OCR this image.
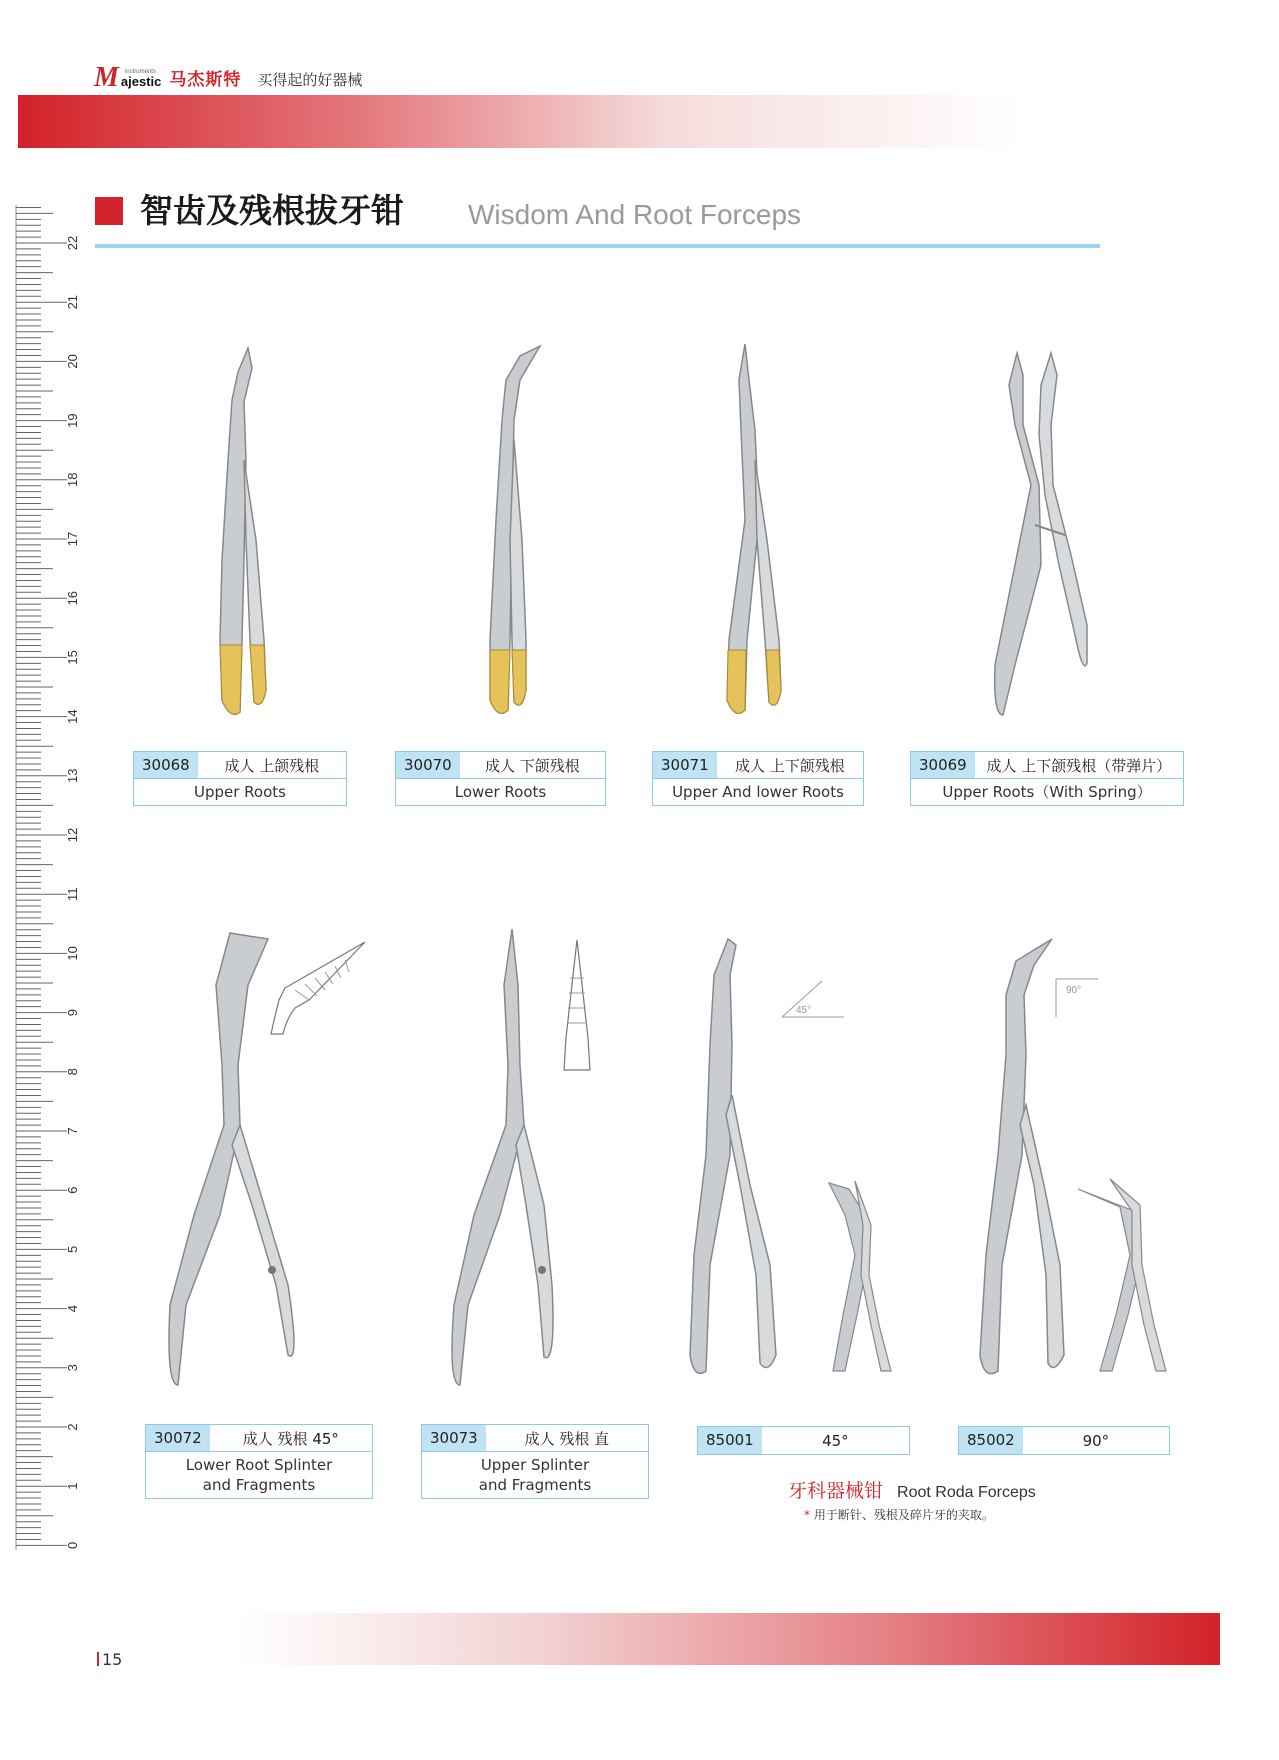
M instruments
ajestic 马杰斯特 买得起的好器械
智齿及残根拔牙钳 Wisdom And Root Forceps
22
21
20
19
18
17
16
15
14
13
12
11
10
9
8
7
6
5
4
3
2
1
0
30068	成人 上颌残根
Upper Roots
30070	成人 下颌残根
Lower Roots
30071	成人 上下颌残根
Upper And lower Roots
30069	成人 上下颌残根（带弹片）
Upper Roots（With Spring）
45°
90°
30072	成人 残根 45°
Lower Root Splinter
and Fragments
30073	成人 残根 直
Upper Splinter
and Fragments
85001	45°	85002	90°
牙科器械钳 Root Roda Forceps
* 用于断针、残根及碎片牙的夹取。
15
